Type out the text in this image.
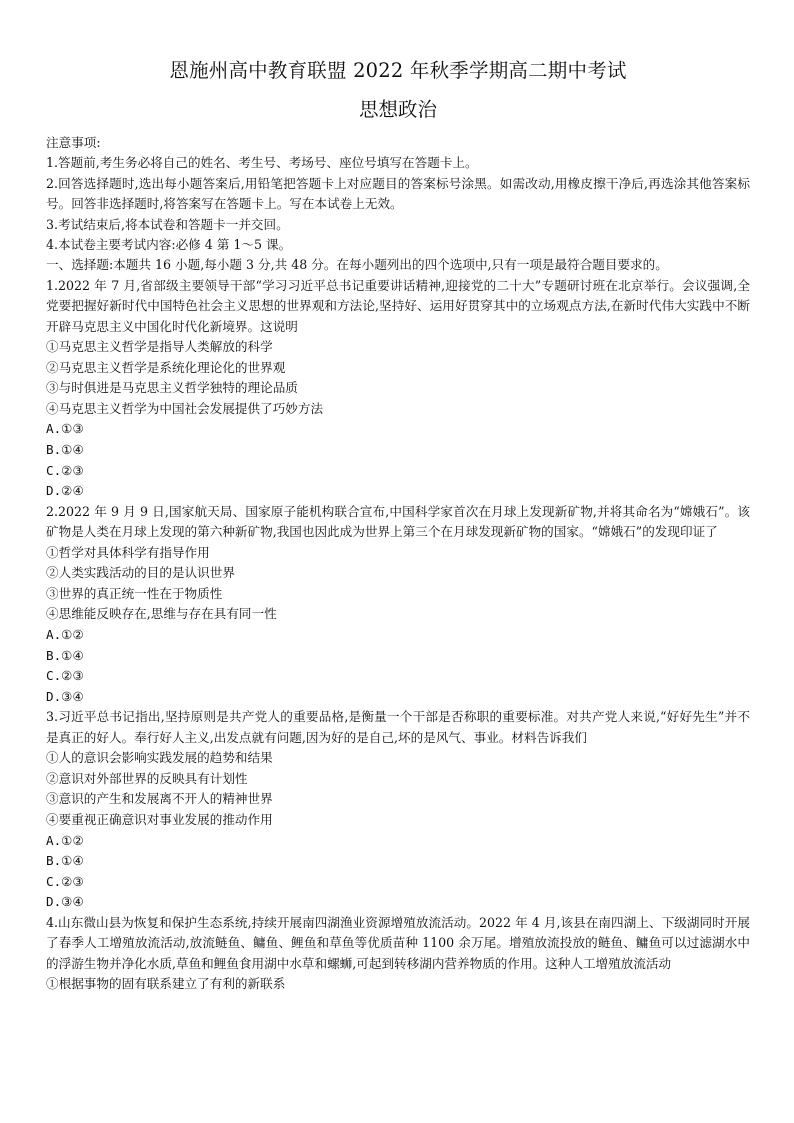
恩施州高中教育联盟 2022 年秋季学期高二期中考试
思想政治
注意事项:
1.答题前,考生务必将自己的姓名、考生号、考场号、座位号填写在答题卡上。
2.回答选择题时,选出每小题答案后,用铅笔把答题卡上对应题目的答案标号涂黑。如需改动,用橡皮擦干净后,再选涂其他答案标号。回答非选择题时,将答案写在答题卡上。写在本试卷上无效。
3.考试结束后,将本试卷和答题卡一并交回。
4.本试卷主要考试内容:必修 4 第 1～5 课。
一、选择题:本题共 16 小题,每小题 3 分,共 48 分。在每小题列出的四个选项中,只有一项是最符合题目要求的。
1.2022 年 7 月,省部级主要领导干部“学习习近平总书记重要讲话精神,迎接党的二十大”专题研讨班在北京举行。会议强调,全党要把握好新时代中国特色社会主义思想的世界观和方法论,坚持好、运用好贯穿其中的立场观点方法,在新时代伟大实践中不断开辟马克思主义中国化时代化新境界。这说明
①马克思主义哲学是指导人类解放的科学
②马克思主义哲学是系统化理论化的世界观
③与时俱进是马克思主义哲学独特的理论品质
④马克思主义哲学为中国社会发展提供了巧妙方法
A.①③
B.①④
C.②③
D.②④
2.2022 年 9 月 9 日,国家航天局、国家原子能机构联合宣布,中国科学家首次在月球上发现新矿物,并将其命名为“嫦娥石”。该矿物是人类在月球上发现的第六种新矿物,我国也因此成为世界上第三个在月球发现新矿物的国家。“嫦娥石”的发现印证了
①哲学对具体科学有指导作用
②人类实践活动的目的是认识世界
③世界的真正统一性在于物质性
④思维能反映存在,思维与存在具有同一性
A.①②
B.①④
C.②③
D.③④
3.习近平总书记指出,坚持原则是共产党人的重要品格,是衡量一个干部是否称职的重要标准。对共产党人来说,“好好先生”并不是真正的好人。奉行好人主义,出发点就有问题,因为好的是自己,坏的是风气、事业。材料告诉我们
①人的意识会影响实践发展的趋势和结果
②意识对外部世界的反映具有计划性
③意识的产生和发展离不开人的精神世界
④要重视正确意识对事业发展的推动作用
A.①②
B.①④
C.②③
D.③④
4.山东微山县为恢复和保护生态系统,持续开展南四湖渔业资源增殖放流活动。2022 年 4 月,该县在南四湖上、下级湖同时开展了春季人工增殖放流活动,放流鲢鱼、鳙鱼、鲤鱼和草鱼等优质苗种 1100 余万尾。增殖放流投放的鲢鱼、鳙鱼可以过滤湖水中的浮游生物并净化水质,草鱼和鲤鱼食用湖中水草和螺蛳,可起到转移湖内营养物质的作用。这种人工增殖放流活动
①根据事物的固有联系建立了有利的新联系
